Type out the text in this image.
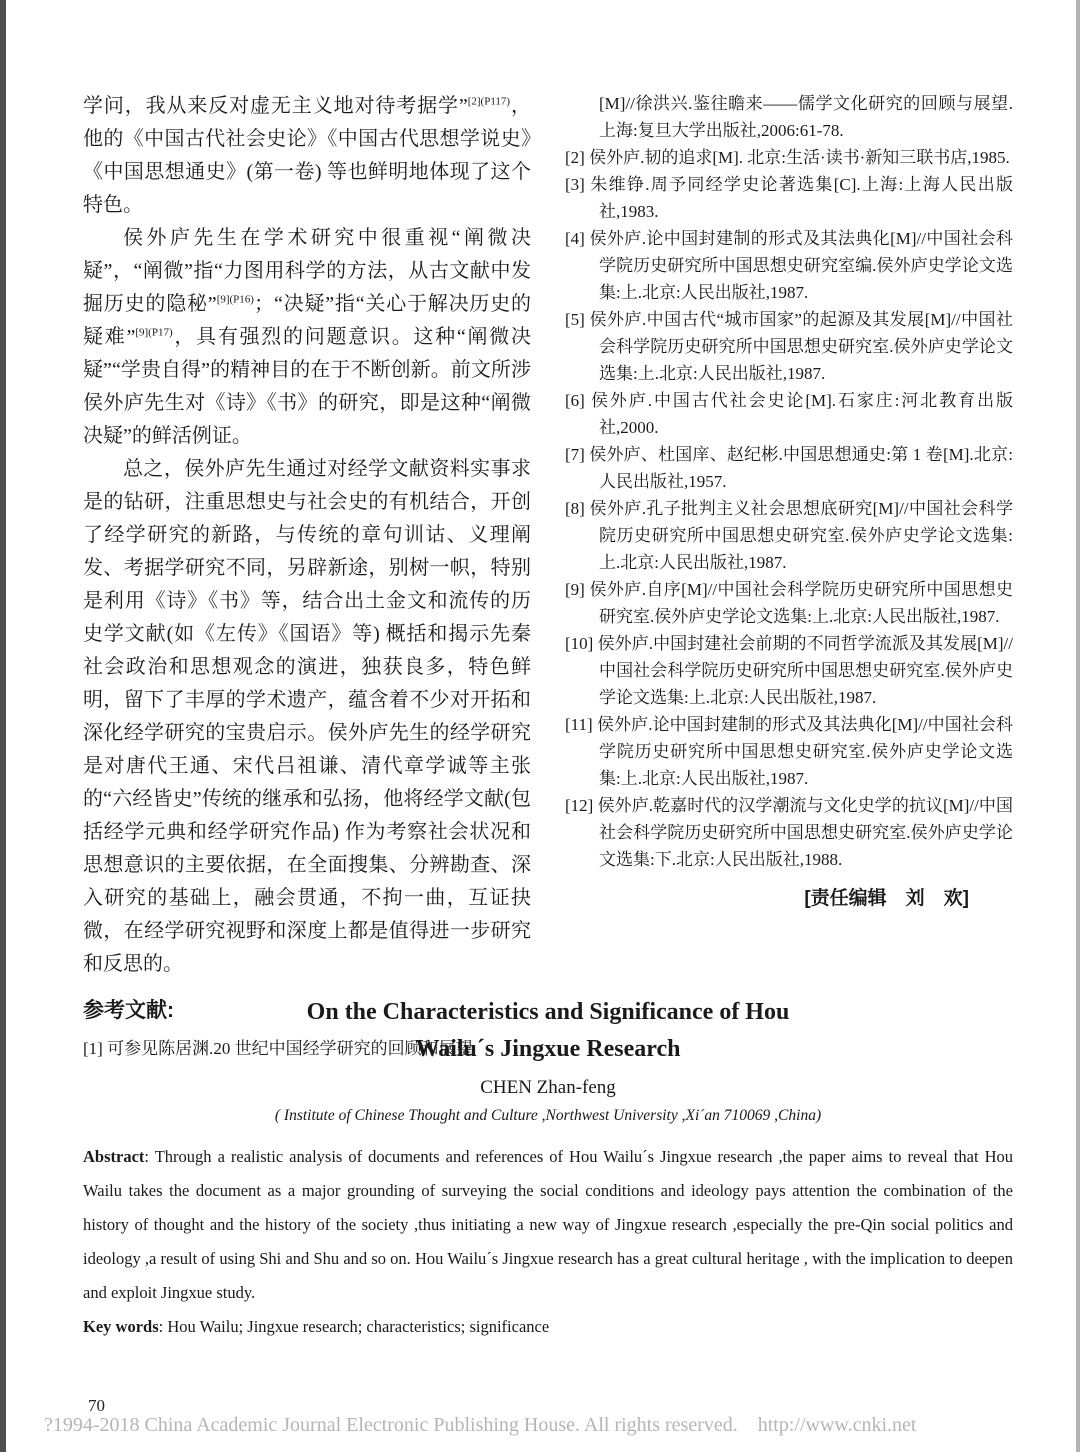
学问，我从来反对虚无主义地对待考据学”$^{[2](P117)}$，他的《中国古代社会史论》《中国古代思想学说史》《中国思想通史》(第一卷) 等也鲜明地体现了这个特色。

侯外庐先生在学术研究中很重视“阐微决疑”，“阐微”指“力图用科学的方法，从古文献中发掘历史的隐秘”$^{[9](P16)}$；“决疑”指“关心于解决历史的疑难”$^{[9](P17)}$，具有强烈的问题意识。这种“阐微决疑”“学贵自得”的精神目的在于不断创新。前文所涉侯外庐先生对《诗》《书》的研究，即是这种“阐微决疑”的鲜活例证。

总之，侯外庐先生通过对经学文献资料实事求是的钻研，注重思想史与社会史的有机结合，开创了经学研究的新路，与传统的章句训诂、义理阐发、考据学研究不同，另辟新途，别树一帜，特别是利用《诗》《书》等，结合出土金文和流传的历史学文献(如《左传》《国语》等) 概括和揭示先秦社会政治和思想观念的演进，独获良多，特色鲜明，留下了丰厚的学术遗产，蕴含着不少对开拓和深化经学研究的宝贵启示。侯外庐先生的经学研究是对唐代王通、宋代吕祖谦、清代章学诚等主张的“六经皆史”传统的继承和弘扬，他将经学文献(包括经学元典和经学研究作品) 作为考察社会状况和思想意识的主要依据，在全面搜集、分辨勘查、深入研究的基础上，融会贯通，不拘一曲，互证抉微，在经学研究视野和深度上都是值得进一步研究和反思的。

参考文献:

[1] 可参见陈居渊.20 世纪中国经学研究的回顾和展望

[M]//徐洪兴.鉴往瞻来——儒学文化研究的回顾与展望.上海:复旦大学出版社,2006:61-78.

[2] 侯外庐.韧的追求[M]. 北京:生活·读书·新知三联书店,1985.

[3] 朱维铮.周予同经学史论著选集[C].上海:上海人民出版社,1983.

[4] 侯外庐.论中国封建制的形式及其法典化[M]//中国社会科学院历史研究所中国思想史研究室编.侯外庐史学论文选集:上.北京:人民出版社,1987.

[5] 侯外庐.中国古代“城市国家”的起源及其发展[M]//中国社会科学院历史研究所中国思想史研究室.侯外庐史学论文选集:上.北京:人民出版社,1987.

[6] 侯外庐.中国古代社会史论[M].石家庄:河北教育出版社,2000.

[7] 侯外庐、杜国庠、赵纪彬.中国思想通史:第 1 卷[M].北京:人民出版社,1957.

[8] 侯外庐.孔子批判主义社会思想底研究[M]//中国社会科学院历史研究所中国思想史研究室.侯外庐史学论文选集:上.北京:人民出版社,1987.

[9] 侯外庐.自序[M]//中国社会科学院历史研究所中国思想史研究室.侯外庐史学论文选集:上.北京:人民出版社,1987.

[10] 侯外庐.中国封建社会前期的不同哲学流派及其发展[M]//中国社会科学院历史研究所中国思想史研究室.侯外庐史学论文选集:上.北京:人民出版社,1987.

[11] 侯外庐.论中国封建制的形式及其法典化[M]//中国社会科学院历史研究所中国思想史研究室.侯外庐史学论文选集:上.北京:人民出版社,1987.

[12] 侯外庐.乾嘉时代的汉学潮流与文化史学的抗议[M]//中国社会科学院历史研究所中国思想史研究室.侯外庐史学论文选集:下.北京:人民出版社,1988.

[责任编辑　刘　欢]

On the Characteristics and Significance of Hou
Wailu´s Jingxue Research

CHEN Zhan-feng

( Institute of Chinese Thought and Culture ,Northwest University ,Xi´an 710069 ,China)

Abstract: Through a realistic analysis of documents and references of Hou Wailu´s Jingxue research ,the paper aims to reveal that Hou Wailu takes the document as a major grounding of surveying the social conditions and ideology pays attention the combination of the history of thought and the history of the society ,thus initiating a new way of Jingxue research ,especially the pre-Qin social politics and ideology ,a result of using Shi and Shu and so on. Hou Wailu´s Jingxue research has a great cultural heritage , with the implication to deepen and exploit Jingxue study.

Key words: Hou Wailu; Jingxue research; characteristics; significance

70
?1994-2018 China Academic Journal Electronic Publishing House. All rights reserved.    http://www.cnki.net
